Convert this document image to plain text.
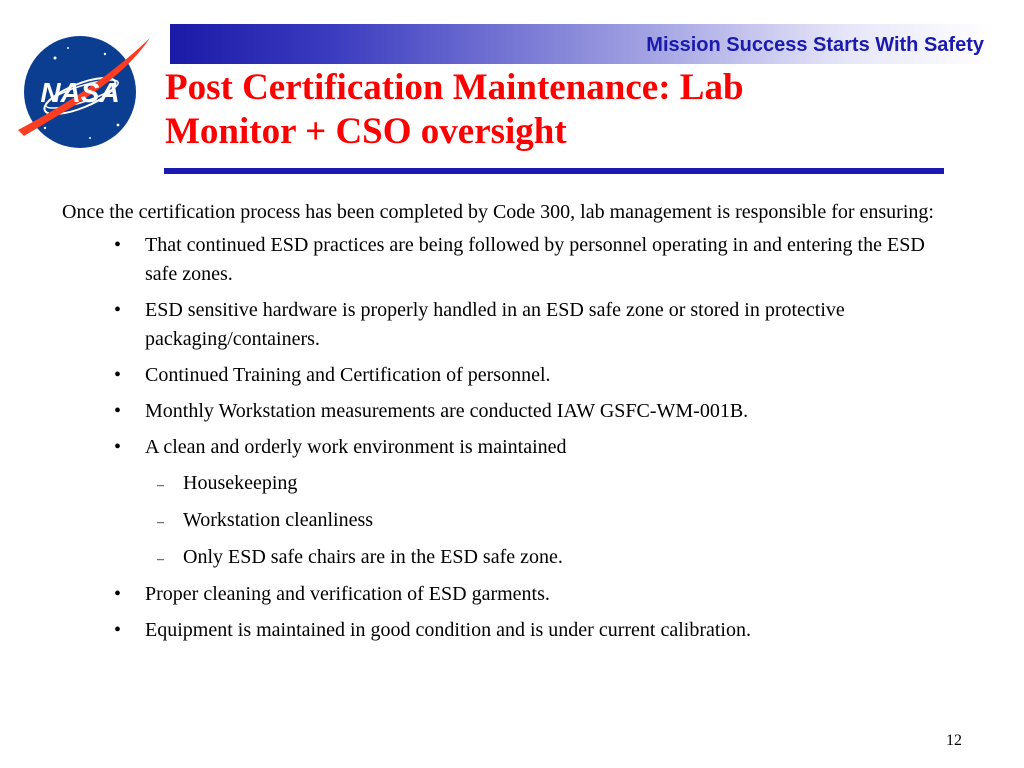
Mission Success Starts With Safety
NASA Post Certification Maintenance: Lab
Monitor + CSO oversight

Once the certification process has been completed by Code 300, lab management is responsible for ensuring:

• That continued ESD practices are being followed by personnel operating in and entering the ESD safe zones.
• ESD sensitive hardware is properly handled in an ESD safe zone or stored in protective packaging/containers.
• Continued Training and Certification of personnel.
• Monthly Workstation measurements are conducted IAW GSFC-WM-001B.
• A clean and orderly work environment is maintained
– Housekeeping
– Workstation cleanliness
– Only ESD safe chairs are in the ESD safe zone.
• Proper cleaning and verification of ESD garments.
• Equipment is maintained in good condition and is under current calibration.
12
